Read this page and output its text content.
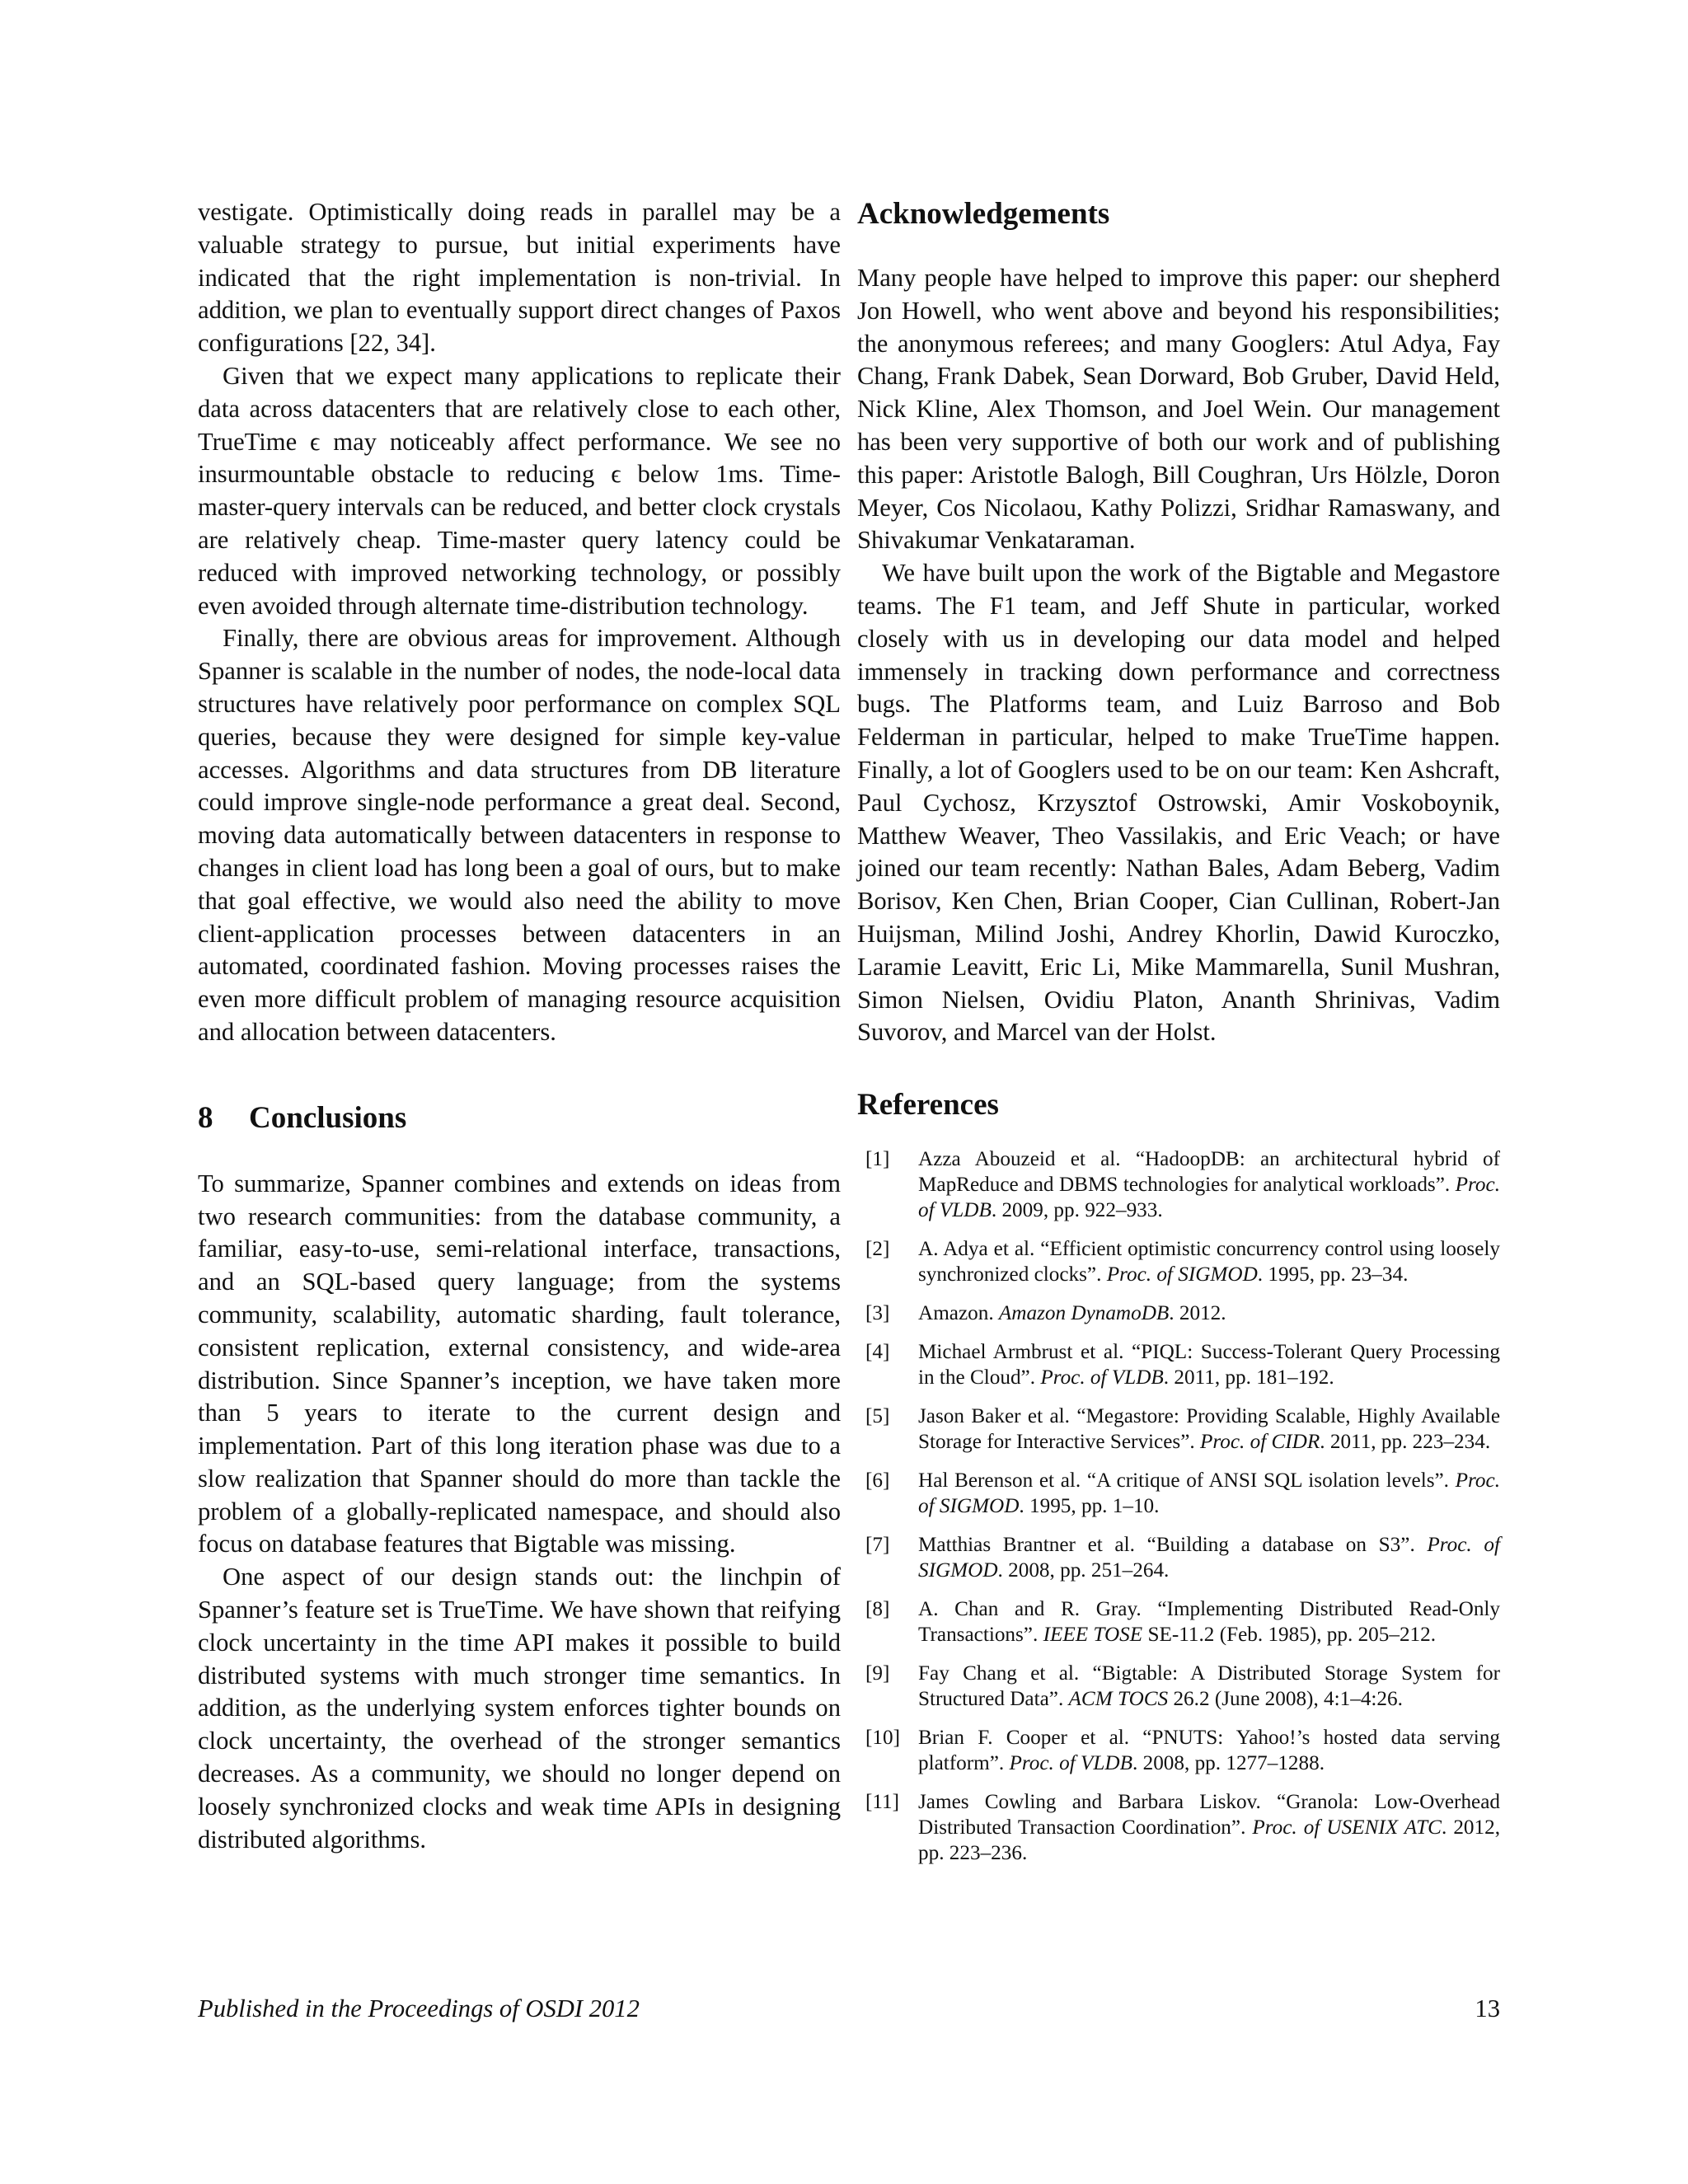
vestigate. Optimistically doing reads in parallel may be a valuable strategy to pursue, but initial experiments have indicated that the right implementation is non-trivial. In addition, we plan to eventually support direct changes of Paxos configurations [22, 34].

Given that we expect many applications to replicate their data across datacenters that are relatively close to each other, TrueTime ϵ may noticeably affect performance. We see no insurmountable obstacle to reducing ϵ below 1ms. Time-master-query intervals can be reduced, and better clock crystals are relatively cheap. Time-master query latency could be reduced with improved networking technology, or possibly even avoided through alternate time-distribution technology.

Finally, there are obvious areas for improvement. Although Spanner is scalable in the number of nodes, the node-local data structures have relatively poor performance on complex SQL queries, because they were designed for simple key-value accesses. Algorithms and data structures from DB literature could improve single-node performance a great deal. Second, moving data automatically between datacenters in response to changes in client load has long been a goal of ours, but to make that goal effective, we would also need the ability to move client-application processes between datacenters in an automated, coordinated fashion. Moving processes raises the even more difficult problem of managing resource acquisition and allocation between datacenters.

8 Conclusions

To summarize, Spanner combines and extends on ideas from two research communities: from the database community, a familiar, easy-to-use, semi-relational interface, transactions, and an SQL-based query language; from the systems community, scalability, automatic sharding, fault tolerance, consistent replication, external consistency, and wide-area distribution. Since Spanner’s inception, we have taken more than 5 years to iterate to the current design and implementation. Part of this long iteration phase was due to a slow realization that Spanner should do more than tackle the problem of a globally-replicated namespace, and should also focus on database features that Bigtable was missing.

One aspect of our design stands out: the linchpin of Spanner’s feature set is TrueTime. We have shown that reifying clock uncertainty in the time API makes it possible to build distributed systems with much stronger time semantics. In addition, as the underlying system enforces tighter bounds on clock uncertainty, the overhead of the stronger semantics decreases. As a community, we should no longer depend on loosely synchronized clocks and weak time APIs in designing distributed algorithms.

Acknowledgements

Many people have helped to improve this paper: our shepherd Jon Howell, who went above and beyond his responsibilities; the anonymous referees; and many Googlers: Atul Adya, Fay Chang, Frank Dabek, Sean Dorward, Bob Gruber, David Held, Nick Kline, Alex Thomson, and Joel Wein. Our management has been very supportive of both our work and of publishing this paper: Aristotle Balogh, Bill Coughran, Urs Hölzle, Doron Meyer, Cos Nicolaou, Kathy Polizzi, Sridhar Ramaswany, and Shivakumar Venkataraman.

We have built upon the work of the Bigtable and Megastore teams. The F1 team, and Jeff Shute in particular, worked closely with us in developing our data model and helped immensely in tracking down performance and correctness bugs. The Platforms team, and Luiz Barroso and Bob Felderman in particular, helped to make TrueTime happen. Finally, a lot of Googlers used to be on our team: Ken Ashcraft, Paul Cychosz, Krzysztof Ostrowski, Amir Voskoboynik, Matthew Weaver, Theo Vassilakis, and Eric Veach; or have joined our team recently: Nathan Bales, Adam Beberg, Vadim Borisov, Ken Chen, Brian Cooper, Cian Cullinan, Robert-Jan Huijsman, Milind Joshi, Andrey Khorlin, Dawid Kuroczko, Laramie Leavitt, Eric Li, Mike Mammarella, Sunil Mushran, Simon Nielsen, Ovidiu Platon, Ananth Shrinivas, Vadim Suvorov, and Marcel van der Holst.

References
[1]	Azza Abouzeid et al. “HadoopDB: an architectural hybrid of MapReduce and DBMS technologies for analytical workloads”. Proc. of VLDB. 2009, pp. 922–933.
[2]	A. Adya et al. “Efficient optimistic concurrency control using loosely synchronized clocks”. Proc. of SIGMOD. 1995, pp. 23–34.
[3]	Amazon. Amazon DynamoDB. 2012.
[4]	Michael Armbrust et al. “PIQL: Success-Tolerant Query Processing in the Cloud”. Proc. of VLDB. 2011, pp. 181–192.
[5]	Jason Baker et al. “Megastore: Providing Scalable, Highly Available Storage for Interactive Services”. Proc. of CIDR. 2011, pp. 223–234.
[6]	Hal Berenson et al. “A critique of ANSI SQL isolation levels”. Proc. of SIGMOD. 1995, pp. 1–10.
[7]	Matthias Brantner et al. “Building a database on S3”. Proc. of SIGMOD. 2008, pp. 251–264.
[8]	A. Chan and R. Gray. “Implementing Distributed Read-Only Transactions”. IEEE TOSE SE-11.2 (Feb. 1985), pp. 205–212.
[9]	Fay Chang et al. “Bigtable: A Distributed Storage System for Structured Data”. ACM TOCS 26.2 (June 2008), 4:1–4:26.
[10] Brian F. Cooper et al. “PNUTS: Yahoo!’s hosted data serving platform”. Proc. of VLDB. 2008, pp. 1277–1288.
[11] James Cowling and Barbara Liskov. “Granola: Low-Overhead Distributed Transaction Coordination”. Proc. of USENIX ATC. 2012, pp. 223–236.
Published in the Proceedings of OSDI 2012	13
